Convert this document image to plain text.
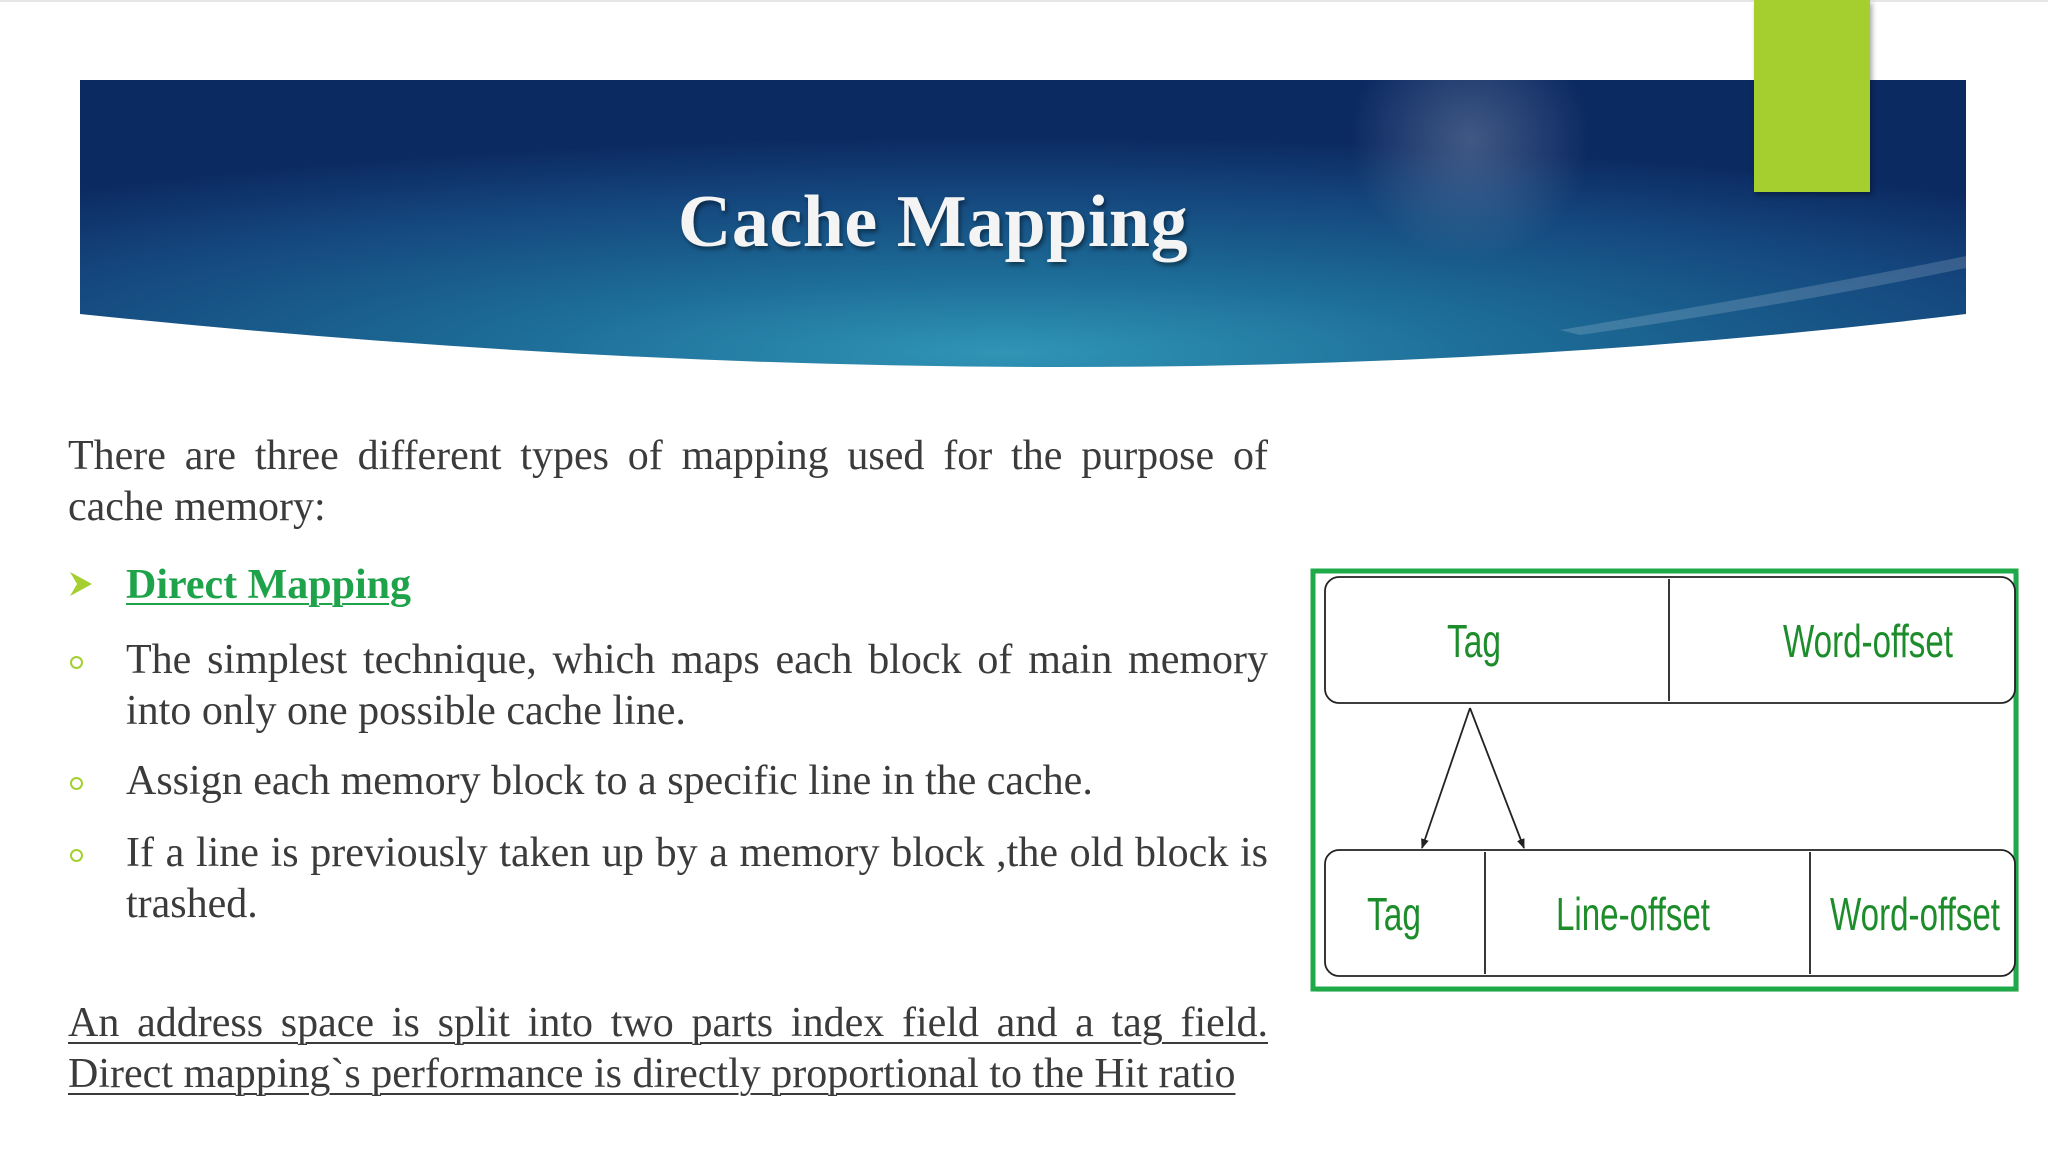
Cache Mapping
There are three different types of mapping used for the purpose of cache memory:
Direct Mapping
The simplest technique, which maps each block of main memory into only one possible cache line.
Assign each memory block to a specific line in the cache.
If a line is previously taken up by a memory block ,the old block is trashed.
An address space is split into two parts index field and a tag field. Direct mapping`s performance is directly proportional to the Hit ratio
Tag	Word-offset
Tag	Line-offset	Word-offset
